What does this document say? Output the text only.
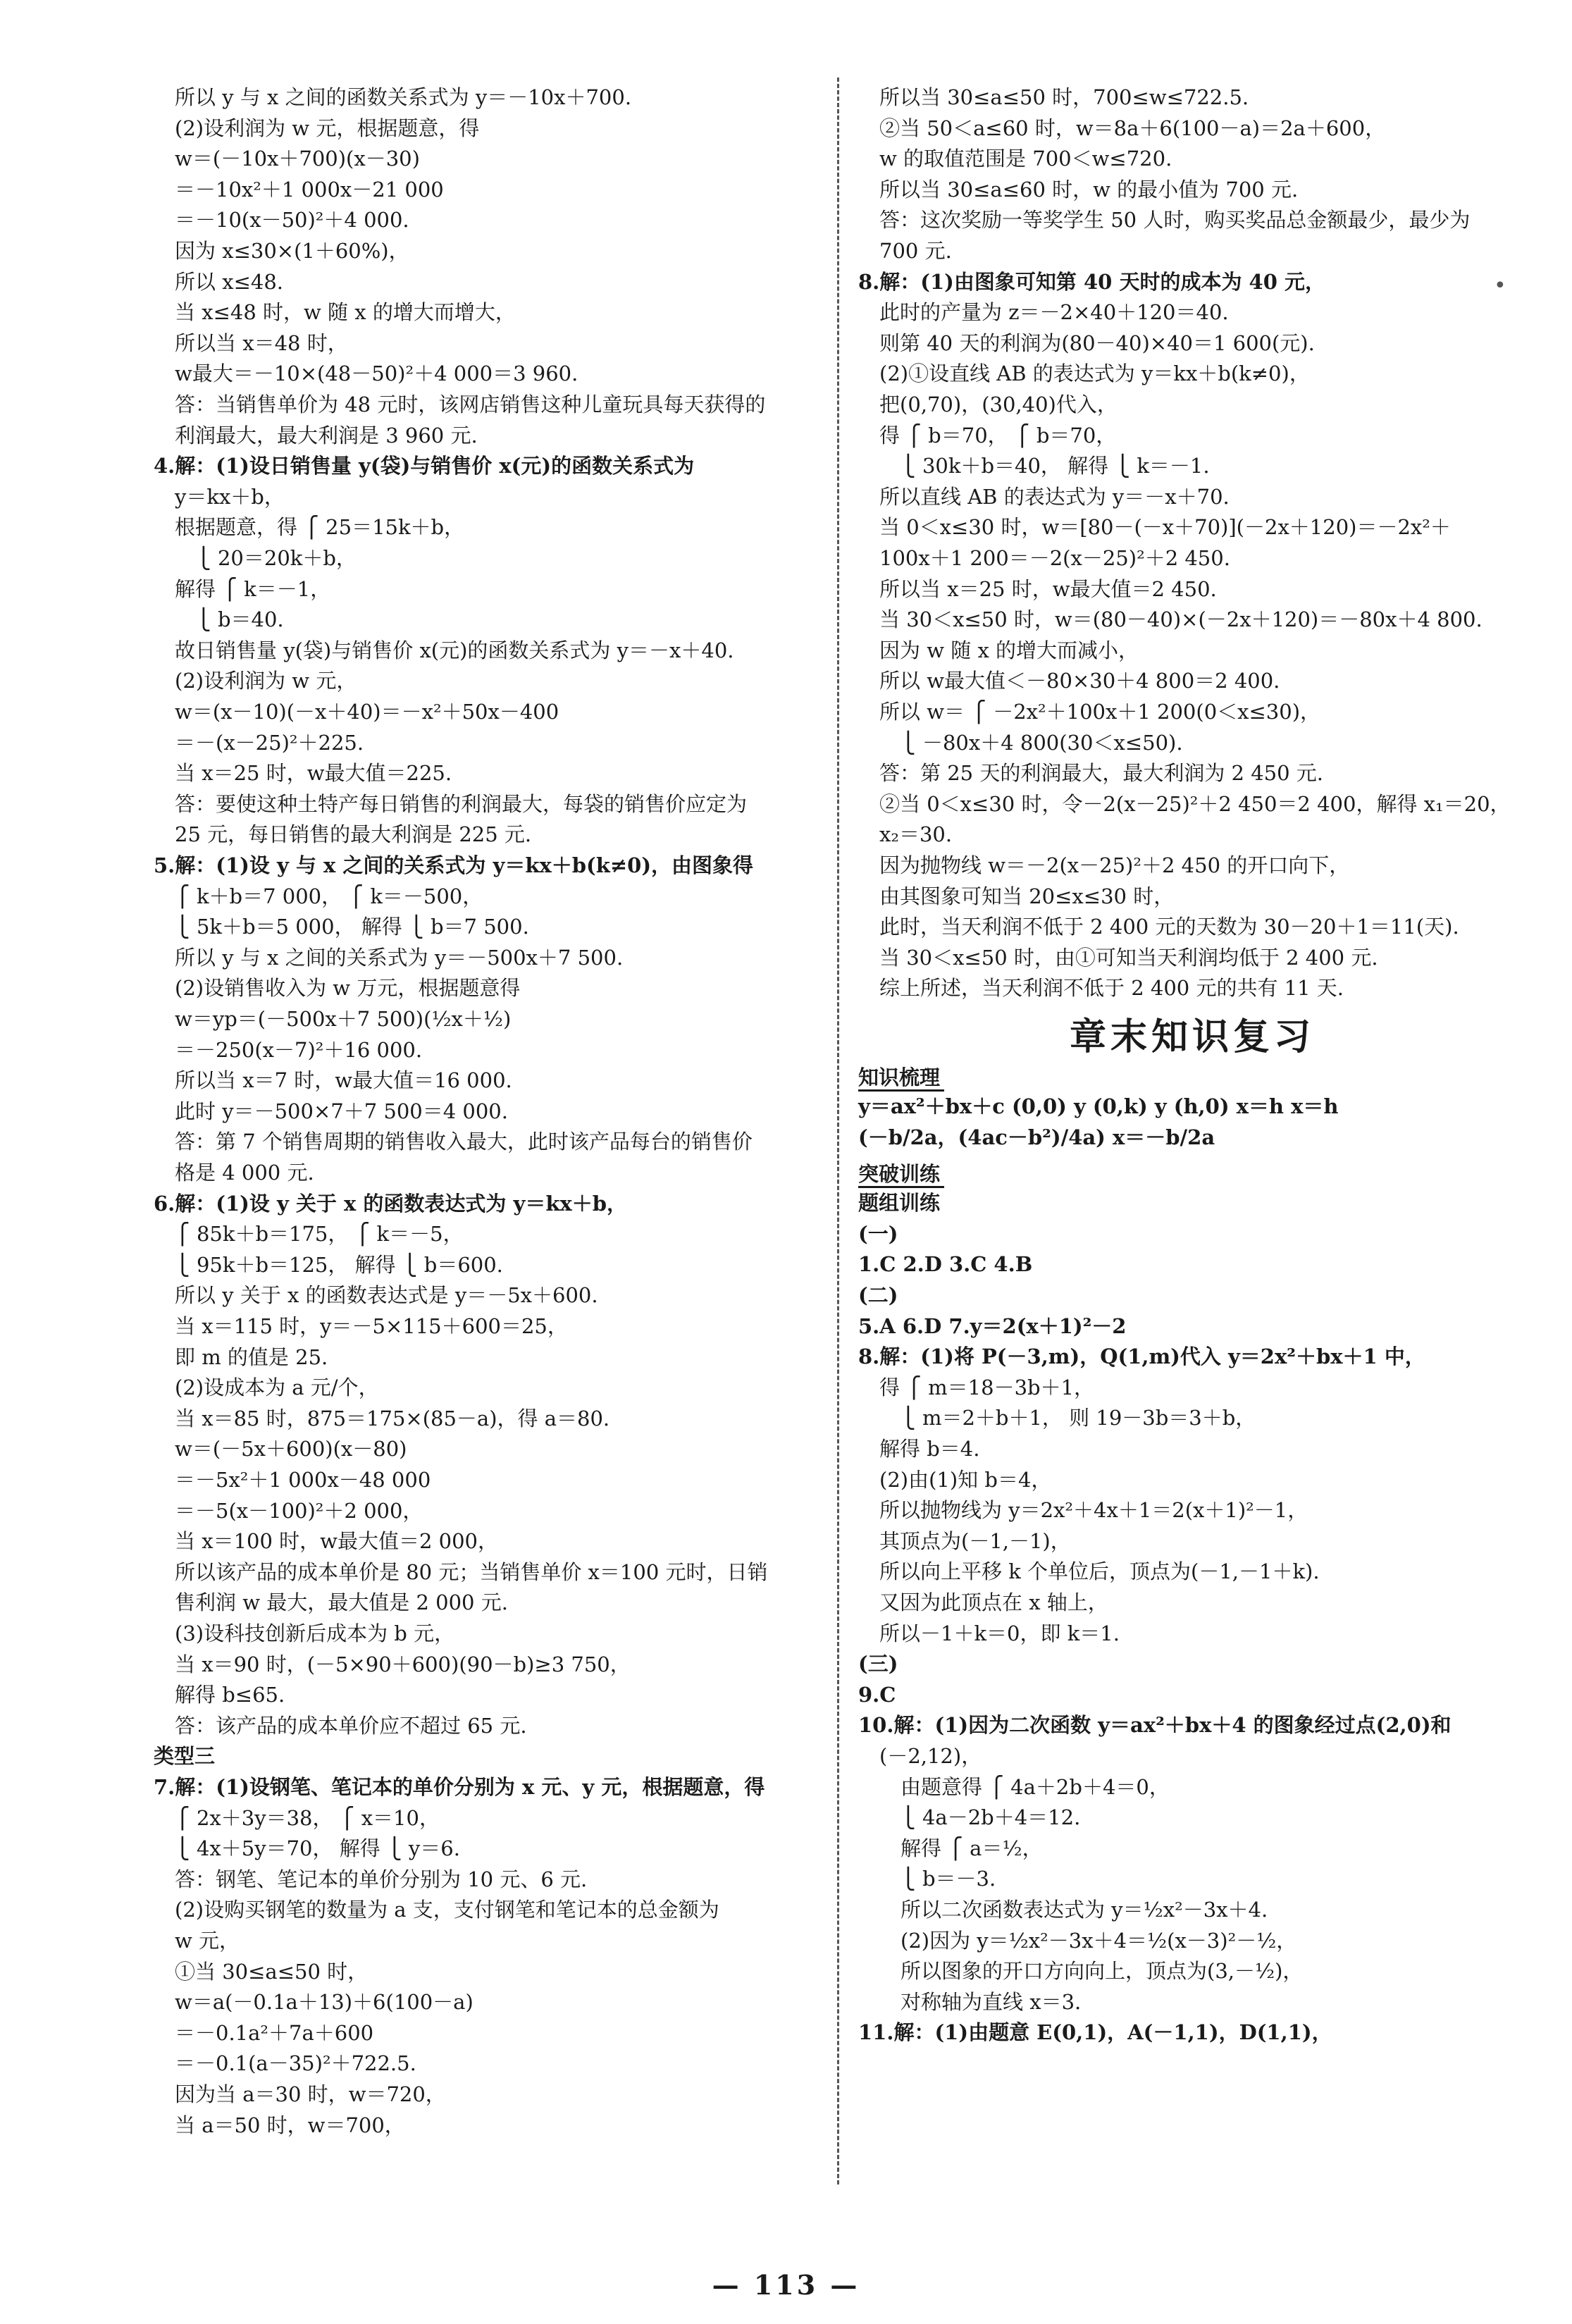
所以 y 与 x 之间的函数关系式为 y＝－10x＋700.
(2)设利润为 w 元，根据题意，得
w＝(－10x＋700)(x－30)
＝－10x²＋1 000x－21 000
＝－10(x－50)²＋4 000.
因为 x≤30×(1＋60%)，
所以 x≤48.
当 x≤48 时，w 随 x 的增大而增大，
所以当 x＝48 时，
w最大＝－10×(48－50)²＋4 000＝3 960.
答：当销售单价为 48 元时，该网店销售这种儿童玩具每天获得的
利润最大，最大利润是 3 960 元.
4.解：(1)设日销售量 y(袋)与销售价 x(元)的函数关系式为
y＝kx＋b，
根据题意，得 ⎧ 25＝15k＋b，
⎩ 20＝20k＋b，
解得 ⎧ k＝－1，
⎩ b＝40.
故日销售量 y(袋)与销售价 x(元)的函数关系式为 y＝－x＋40.
(2)设利润为 w 元，
w＝(x－10)(－x＋40)＝－x²＋50x－400
＝－(x－25)²＋225.
当 x＝25 时，w最大值＝225.
答：要使这种土特产每日销售的利润最大，每袋的销售价应定为
25 元，每日销售的最大利润是 225 元.
5.解：(1)设 y 与 x 之间的关系式为 y＝kx＋b(k≠0)，由图象得
⎧ k＋b＝7 000， ⎧ k＝－500，
⎩ 5k＋b＝5 000， 解得 ⎩ b＝7 500.
所以 y 与 x 之间的关系式为 y＝－500x＋7 500.
(2)设销售收入为 w 万元，根据题意得
w＝yp＝(－500x＋7 500)(½x＋½)
＝－250(x－7)²＋16 000.
所以当 x＝7 时，w最大值＝16 000.
此时 y＝－500×7＋7 500＝4 000.
答：第 7 个销售周期的销售收入最大，此时该产品每台的销售价
格是 4 000 元.
6.解：(1)设 y 关于 x 的函数表达式为 y＝kx＋b，
⎧ 85k＋b＝175， ⎧ k＝－5，
⎩ 95k＋b＝125， 解得 ⎩ b＝600.
所以 y 关于 x 的函数表达式是 y＝－5x＋600.
当 x＝115 时，y＝－5×115＋600＝25，
即 m 的值是 25.
(2)设成本为 a 元/个，
当 x＝85 时，875＝175×(85－a)，得 a＝80.
w＝(－5x＋600)(x－80)
＝－5x²＋1 000x－48 000
＝－5(x－100)²＋2 000，
当 x＝100 时，w最大值＝2 000，
所以该产品的成本单价是 80 元；当销售单价 x＝100 元时，日销
售利润 w 最大，最大值是 2 000 元.
(3)设科技创新后成本为 b 元，
当 x＝90 时，(－5×90＋600)(90－b)≥3 750，
解得 b≤65.
答：该产品的成本单价应不超过 65 元.
类型三
7.解：(1)设钢笔、笔记本的单价分别为 x 元、y 元，根据题意，得
⎧ 2x＋3y＝38， ⎧ x＝10，
⎩ 4x＋5y＝70， 解得 ⎩ y＝6.
答：钢笔、笔记本的单价分别为 10 元、6 元.
(2)设购买钢笔的数量为 a 支，支付钢笔和笔记本的总金额为
w 元，
①当 30≤a≤50 时，
w＝a(－0.1a＋13)＋6(100－a)
＝－0.1a²＋7a＋600
＝－0.1(a－35)²＋722.5.
因为当 a＝30 时，w＝720，
当 a＝50 时，w＝700，
所以当 30≤a≤50 时，700≤w≤722.5.
②当 50＜a≤60 时，w＝8a＋6(100－a)＝2a＋600，
w 的取值范围是 700＜w≤720.
所以当 30≤a≤60 时，w 的最小值为 700 元.
答：这次奖励一等奖学生 50 人时，购买奖品总金额最少，最少为
700 元.
8.解：(1)由图象可知第 40 天时的成本为 40 元，
此时的产量为 z＝－2×40＋120＝40.
则第 40 天的利润为(80－40)×40＝1 600(元).
(2)①设直线 AB 的表达式为 y＝kx＋b(k≠0)，
把(0,70)，(30,40)代入，
得 ⎧ b＝70， ⎧ b＝70，
⎩ 30k＋b＝40， 解得 ⎩ k＝－1.
所以直线 AB 的表达式为 y＝－x＋70.
当 0＜x≤30 时，w＝[80－(－x＋70)](－2x＋120)＝－2x²＋
100x＋1 200＝－2(x－25)²＋2 450.
所以当 x＝25 时，w最大值＝2 450.
当 30＜x≤50 时，w＝(80－40)×(－2x＋120)＝－80x＋4 800.
因为 w 随 x 的增大而减小，
所以 w最大值＜－80×30＋4 800＝2 400.
所以 w＝ ⎧ －2x²＋100x＋1 200(0＜x≤30)，
⎩ －80x＋4 800(30＜x≤50).
答：第 25 天的利润最大，最大利润为 2 450 元.
②当 0＜x≤30 时，令－2(x－25)²＋2 450＝2 400，解得 x₁＝20，
x₂＝30.
因为抛物线 w＝－2(x－25)²＋2 450 的开口向下，
由其图象可知当 20≤x≤30 时，
此时，当天利润不低于 2 400 元的天数为 30－20＋1＝11(天).
当 30＜x≤50 时，由①可知当天利润均低于 2 400 元.
综上所述，当天利润不低于 2 400 元的共有 11 天.
章末知识复习
知识梳理
y＝ax²＋bx＋c (0,0) y (0,k) y (h,0) x＝h x＝h
(－b/2a，(4ac－b²)/4a) x＝－b/2a
突破训练
题组训练
(一)
1.C 2.D 3.C 4.B
(二)
5.A 6.D 7.y＝2(x＋1)²－2
8.解：(1)将 P(－3,m)，Q(1,m)代入 y＝2x²＋bx＋1 中，
得 ⎧ m＝18－3b＋1，
⎩ m＝2＋b＋1， 则 19－3b＝3＋b，
解得 b＝4.
(2)由(1)知 b＝4，
所以抛物线为 y＝2x²＋4x＋1＝2(x＋1)²－1，
其顶点为(－1,－1)，
所以向上平移 k 个单位后，顶点为(－1,－1＋k).
又因为此顶点在 x 轴上，
所以－1＋k＝0，即 k＝1.
(三)
9.C
10.解：(1)因为二次函数 y＝ax²＋bx＋4 的图象经过点(2,0)和
(－2,12)，
由题意得 ⎧ 4a＋2b＋4＝0，
⎩ 4a－2b＋4＝12.
解得 ⎧ a＝½，
⎩ b＝－3.
所以二次函数表达式为 y＝½x²－3x＋4.
(2)因为 y＝½x²－3x＋4＝½(x－3)²－½，
所以图象的开口方向向上，顶点为(3,－½)，
对称轴为直线 x＝3.
11.解：(1)由题意 E(0,1)，A(－1,1)，D(1,1)，
•
— 113 —
